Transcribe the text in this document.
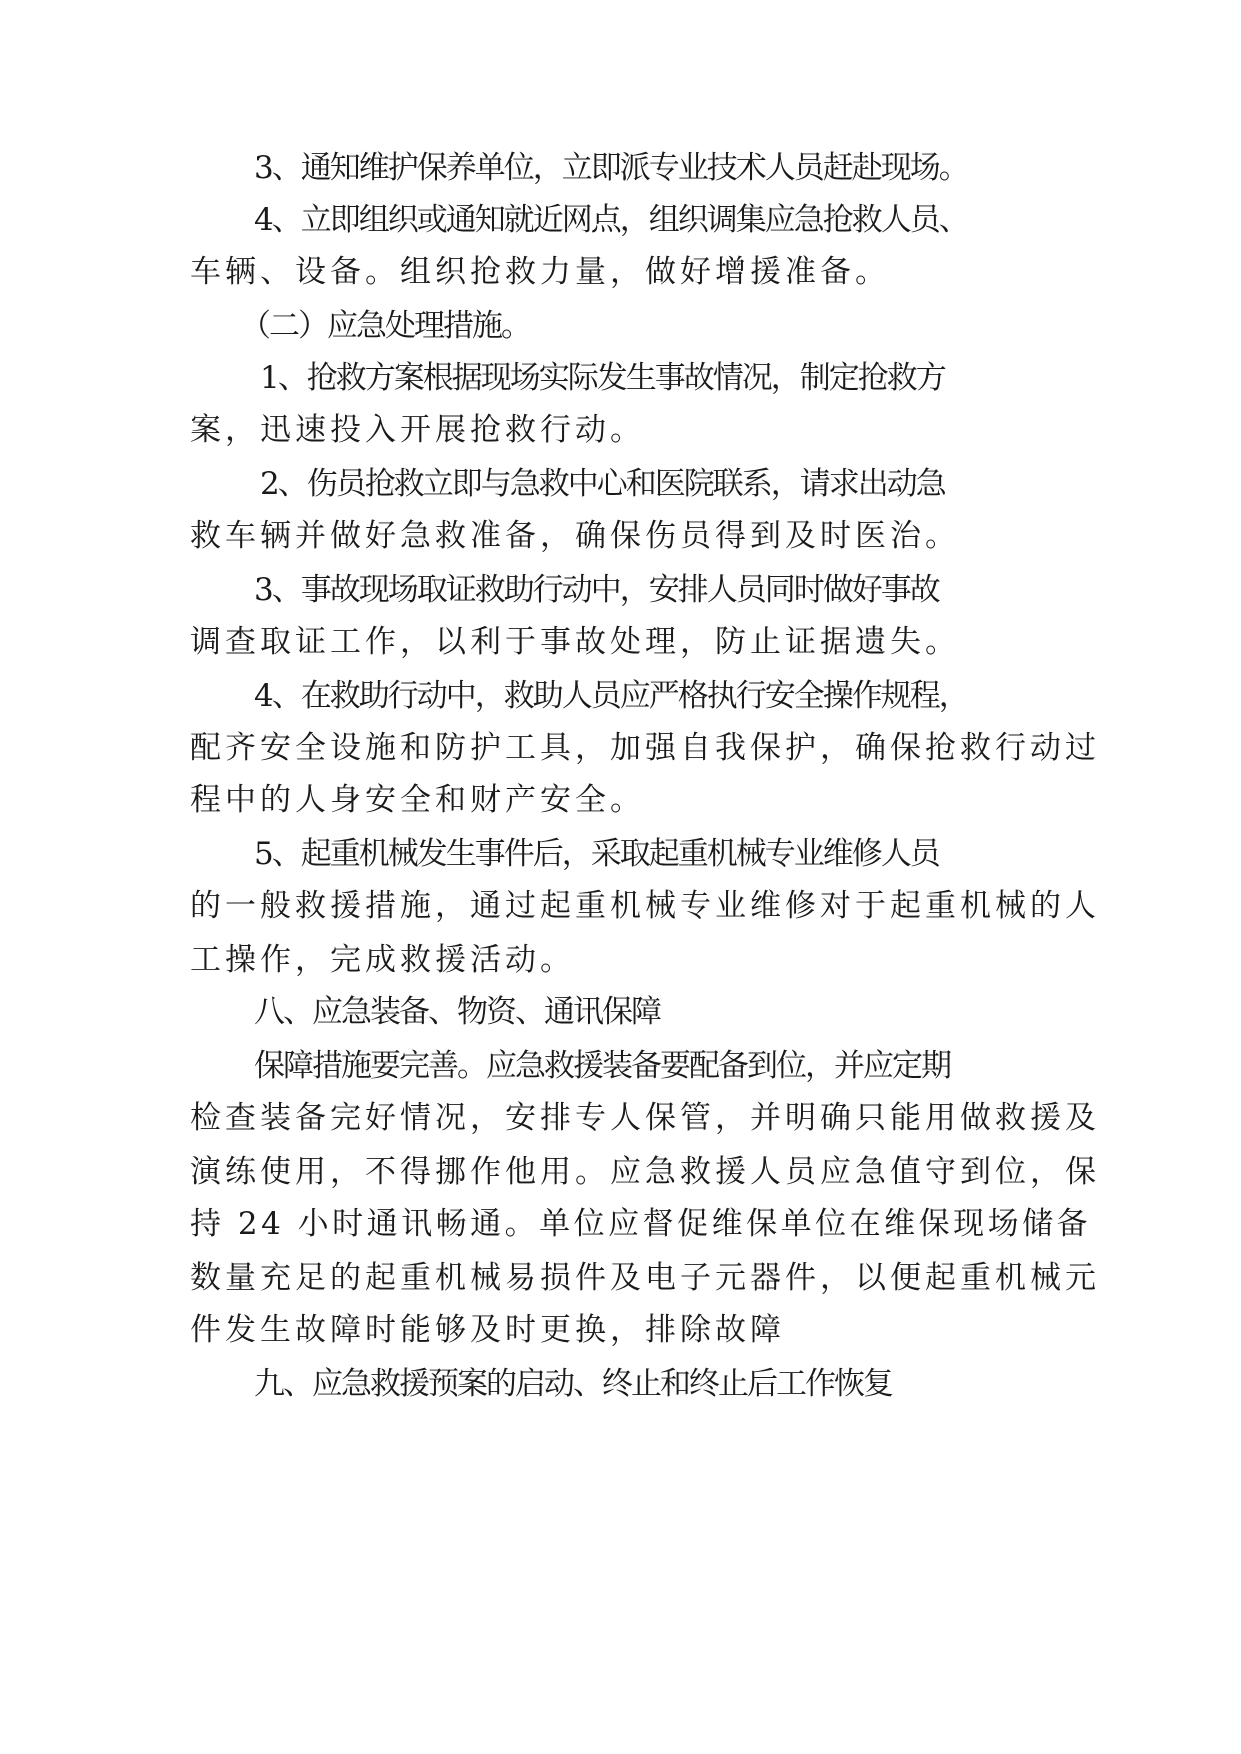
3、通知维护保养单位，立即派专业技术人员赶赴现场。
4、立即组织或通知就近网点，组织调集应急抢救人员、
车辆、设备。组织抢救力量，做好增援准备。
（二）应急处理措施。
1、抢救方案根据现场实际发生事故情况，制定抢救方
案，迅速投入开展抢救行动。
2、伤员抢救立即与急救中心和医院联系，请求出动急
救车辆并做好急救准备，确保伤员得到及时医治。
3、事故现场取证救助行动中，安排人员同时做好事故
调查取证工作，以利于事故处理，防止证据遗失。
4、在救助行动中，救助人员应严格执行安全操作规程，
配齐安全设施和防护工具，加强自我保护，确保抢救行动过
程中的人身安全和财产安全。
5、起重机械发生事件后，采取起重机械专业维修人员
的一般救援措施，通过起重机械专业维修对于起重机械的人
工操作，完成救援活动。
八、应急装备、物资、通讯保障
保障措施要完善。应急救援装备要配备到位，并应定期
检查装备完好情况，安排专人保管，并明确只能用做救援及
演练使用，不得挪作他用。应急救援人员应急值守到位，保
持 24 小时通讯畅通。单位应督促维保单位在维保现场储备
数量充足的起重机械易损件及电子元器件，以便起重机械元
件发生故障时能够及时更换，排除故障
九、应急救援预案的启动、终止和终止后工作恢复
